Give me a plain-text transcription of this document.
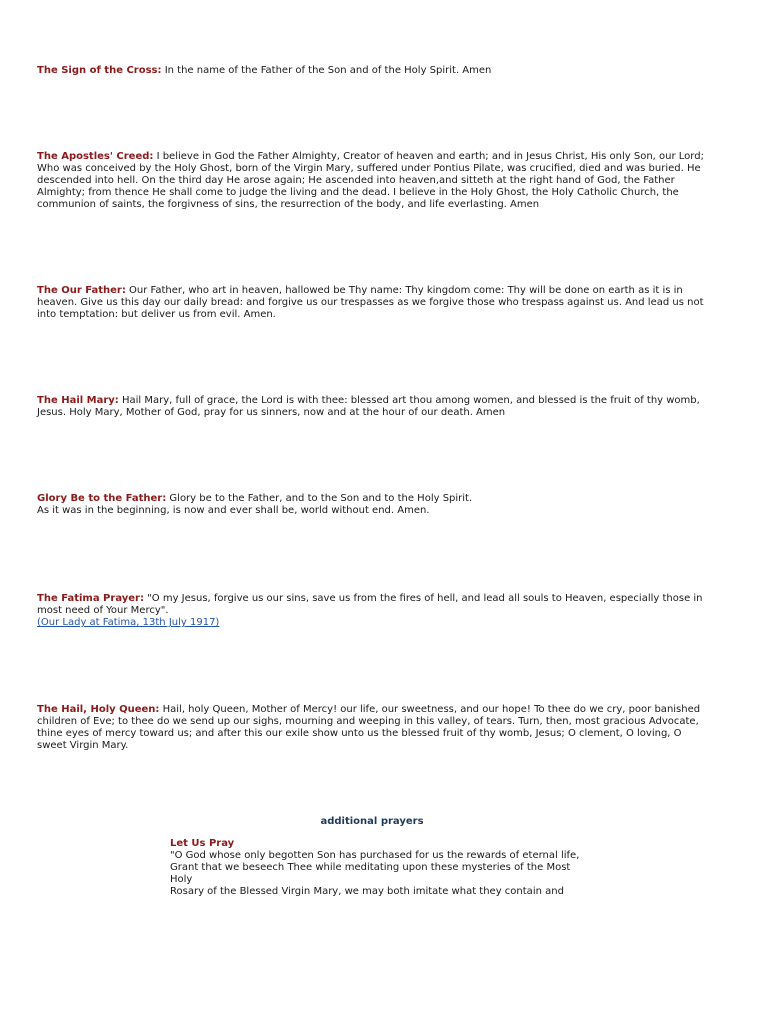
The Sign of the Cross: In the name of the Father of the Son and of the Holy Spirit. Amen

The Apostles' Creed: I believe in God the Father Almighty, Creator of heaven and earth; and in Jesus Christ, His only Son, our Lord; Who was conceived by the Holy Ghost, born of the Virgin Mary, suffered under Pontius Pilate, was crucified, died and was buried. He descended into hell. On the third day He arose again; He ascended into heaven,and sitteth at the right hand of God, the Father Almighty; from thence He shall come to judge the living and the dead. I believe in the Holy Ghost, the Holy Catholic Church, the communion of saints, the forgivness of sins, the resurrection of the body, and life everlasting. Amen

The Our Father: Our Father, who art in heaven, hallowed be Thy name: Thy kingdom come: Thy will be done on earth as it is in heaven. Give us this day our daily bread: and forgive us our trespasses as we forgive those who trespass against us. And lead us not into temptation: but deliver us from evil. Amen.

The Hail Mary: Hail Mary, full of grace, the Lord is with thee: blessed art thou among women, and blessed is the fruit of thy womb, Jesus. Holy Mary, Mother of God, pray for us sinners, now and at the hour of our death. Amen

Glory Be to the Father: Glory be to the Father, and to the Son and to the Holy Spirit.
As it was in the beginning, is now and ever shall be, world without end. Amen.

The Fatima Prayer: "O my Jesus, forgive us our sins, save us from the fires of hell, and lead all souls to Heaven, especially those in most need of Your Mercy".
(Our Lady at Fatima, 13th July 1917)

The Hail, Holy Queen: Hail, holy Queen, Mother of Mercy! our life, our sweetness, and our hope! To thee do we cry, poor banished children of Eve; to thee do we send up our sighs, mourning and weeping in this valley, of tears. Turn, then, most gracious Advocate, thine eyes of mercy toward us; and after this our exile show unto us the blessed fruit of thy womb, Jesus; O clement, O loving, O sweet Virgin Mary.

additional prayers
Let Us Pray
"O God whose only begotten Son has purchased for us the rewards of eternal life,
Grant that we beseech Thee while meditating upon these mysteries of the Most Holy
Rosary of the Blessed Virgin Mary, we may both imitate what they contain and
